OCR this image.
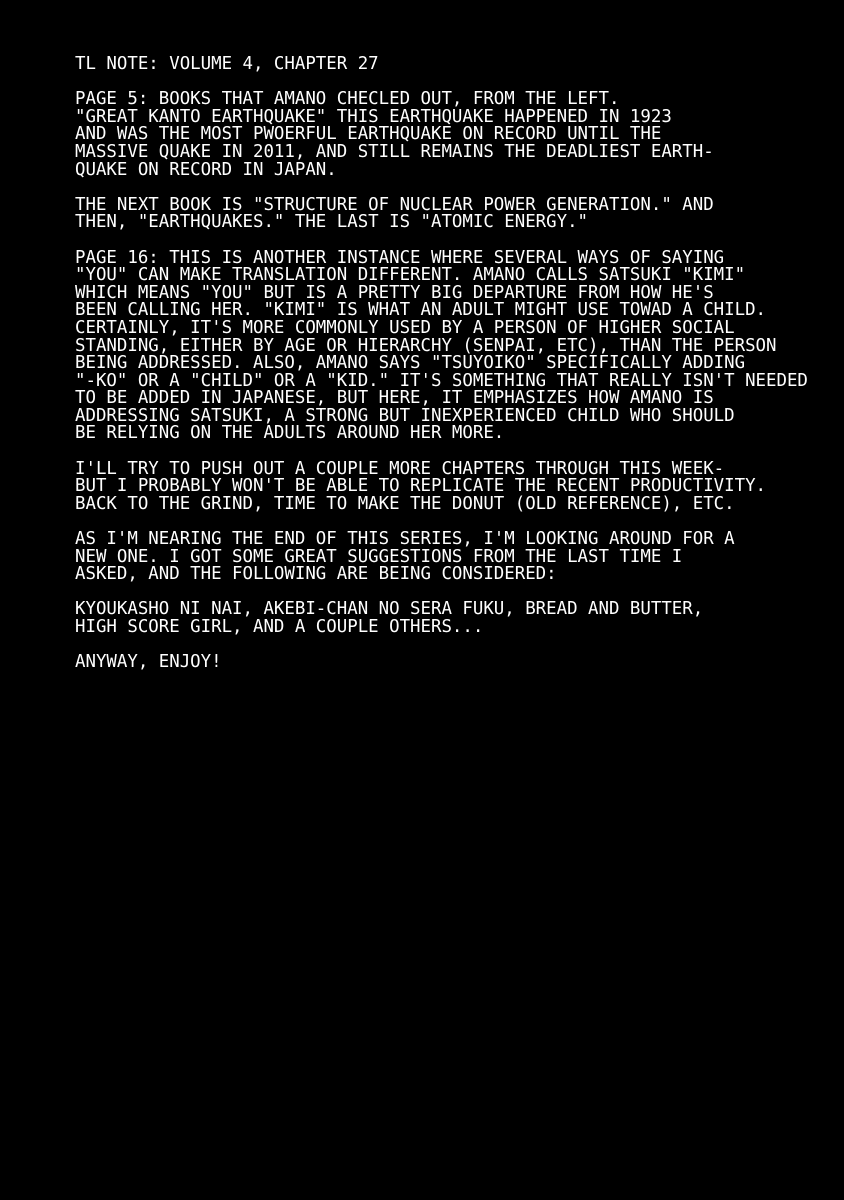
TL NOTE: VOLUME 4, CHAPTER 27

PAGE 5: BOOKS THAT AMANO CHECLED OUT, FROM THE LEFT.
"GREAT KANTO EARTHQUAKE" THIS EARTHQUAKE HAPPENED IN 1923
AND WAS THE MOST PWOERFUL EARTHQUAKE ON RECORD UNTIL THE
MASSIVE QUAKE IN 2011, AND STILL REMAINS THE DEADLIEST EARTH-
QUAKE ON RECORD IN JAPAN.

THE NEXT BOOK IS "STRUCTURE OF NUCLEAR POWER GENERATION." AND
THEN, "EARTHQUAKES." THE LAST IS "ATOMIC ENERGY."

PAGE 16: THIS IS ANOTHER INSTANCE WHERE SEVERAL WAYS OF SAYING
"YOU" CAN MAKE TRANSLATION DIFFERENT. AMANO CALLS SATSUKI "KIMI"
WHICH MEANS "YOU" BUT IS A PRETTY BIG DEPARTURE FROM HOW HE'S
BEEN CALLING HER. "KIMI" IS WHAT AN ADULT MIGHT USE TOWAD A CHILD.
CERTAINLY, IT'S MORE COMMONLY USED BY A PERSON OF HIGHER SOCIAL
STANDING, EITHER BY AGE OR HIERARCHY (SENPAI, ETC), THAN THE PERSON
BEING ADDRESSED. ALSO, AMANO SAYS "TSUYOIKO" SPECIFICALLY ADDING
"-KO" OR A "CHILD" OR A "KID." IT'S SOMETHING THAT REALLY ISN'T NEEDED
TO BE ADDED IN JAPANESE, BUT HERE, IT EMPHASIZES HOW AMANO IS
ADDRESSING SATSUKI, A STRONG BUT INEXPERIENCED CHILD WHO SHOULD
BE RELYING ON THE ADULTS AROUND HER MORE.

I'LL TRY TO PUSH OUT A COUPLE MORE CHAPTERS THROUGH THIS WEEK-
BUT I PROBABLY WON'T BE ABLE TO REPLICATE THE RECENT PRODUCTIVITY.
BACK TO THE GRIND, TIME TO MAKE THE DONUT (OLD REFERENCE), ETC.

AS I'M NEARING THE END OF THIS SERIES, I'M LOOKING AROUND FOR A
NEW ONE. I GOT SOME GREAT SUGGESTIONS FROM THE LAST TIME I
ASKED, AND THE FOLLOWING ARE BEING CONSIDERED:

KYOUKASHO NI NAI, AKEBI-CHAN NO SERA FUKU, BREAD AND BUTTER,
HIGH SCORE GIRL, AND A COUPLE OTHERS...

ANYWAY, ENJOY!
